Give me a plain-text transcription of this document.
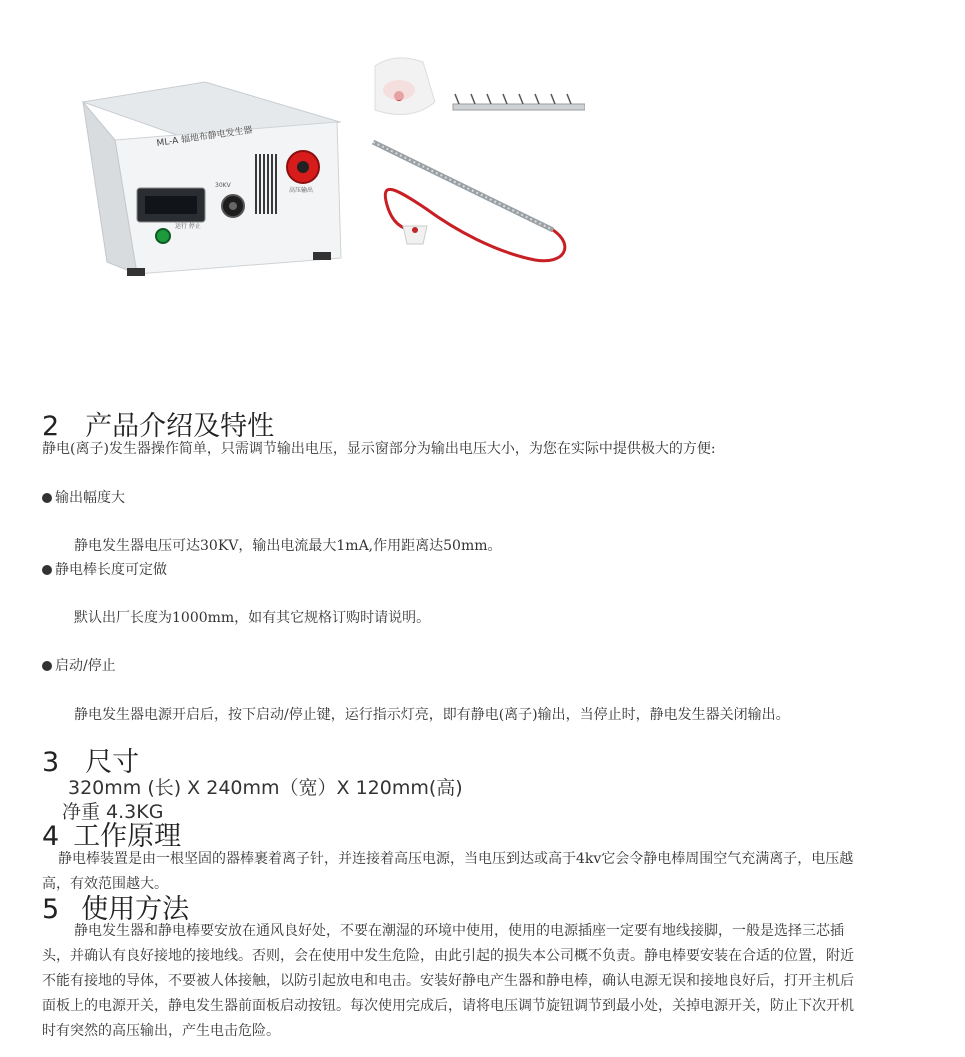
ML-A 辐地布静电发生器
30KV
高压输出
运行 停止
2 产品介绍及特性
静电(离子)发生器操作简单，只需调节输出电压，显示窗部分为输出电压大小，为您在实际中提供极大的方便:
输出幅度大
静电发生器电压可达30KV，输出电流最大1mA,作用距离达50mm。
静电棒长度可定做
默认出厂长度为1000mm，如有其它规格订购时请说明。
启动/停止
静电发生器电源开启后，按下启动/停止键，运行指示灯亮，即有静电(离子)输出，当停止时，静电发生器关闭输出。
3 尺寸
320mm (长) X 240mm（宽）X 120mm(高)
净重 4.3KG
4 工作原理
静电棒装置是由一根坚固的器棒裹着离子针，并连接着高压电源，当电压到达或高于4kv它会令静电棒周围空气充满离子，电压越高，有效范围越大。
5 使用方法
静电发生器和静电棒要安放在通风良好处，不要在潮湿的环境中使用，使用的电源插座一定要有地线接脚，一般是选择三芯插头，并确认有良好接地的接地线。否则，会在使用中发生危险，由此引起的损失本公司概不负责。静电棒要安装在合适的位置，附近不能有接地的导体，不要被人体接触，以防引起放电和电击。安装好静电产生器和静电棒，确认电源无误和接地良好后，打开主机后面板上的电源开关，静电发生器前面板启动按钮。每次使用完成后，请将电压调节旋钮调节到最小处，关掉电源开关，防止下次开机时有突然的高压输出，产生电击危险。
